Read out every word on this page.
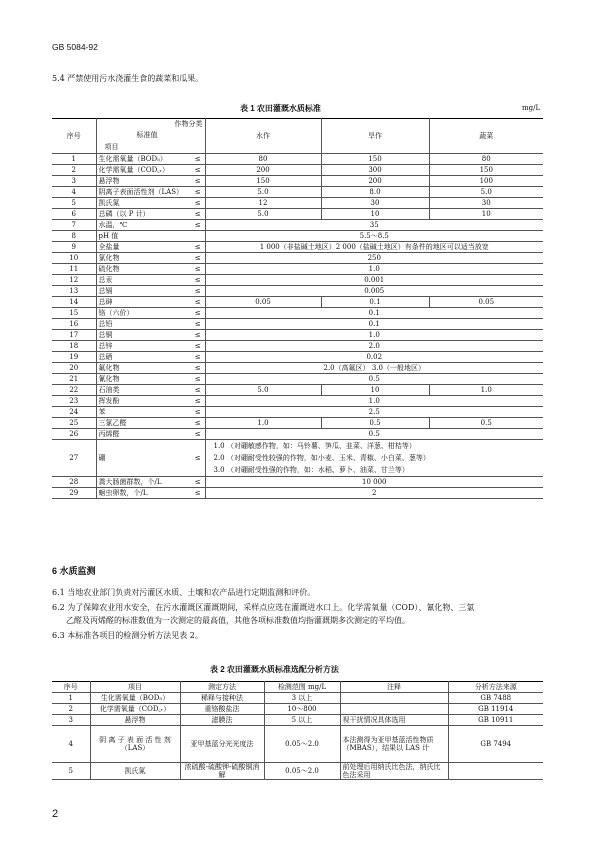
GB 5084-92
5.4 严禁使用污水浇灌生食的蔬菜和瓜果。
表 1 农田灌溉水质标准	mg/L
序号	作物分类
标准值
项目		水作	旱作	蔬菜

1	生化需氧量（BOD₅）	≤	80	150	80
2	化学需氧量（COD꜀ᵣ）	≤	200	300	150
3	悬浮物	≤	150	200	100
4	阴离子表面活性剂（LAS）	≤	5.0	8.0	5.0
5	凯氏氮	≤	12	30	30
6	总磷（以 P 计）	≤	5.0	10	10
7	水温，℃	≤	35		
8	pH 值		5.5～8.5		
9	全盐量	≤	1 000（非盐碱土地区）2 000（盐碱土地区）有条件的地区可以适当放宽		
10	氯化物	≤	250		
11	硫化物	≤	1.0		
12	总汞	≤	0.001		
13	总镉	≤	0.005		
14	总砷	≤	0.05	0.1	0.05
15	铬（六价）	≤	0.1		
16	总铅	≤	0.1		
17	总铜	≤	1.0		
18	总锌	≤	2.0		
19	总硒	≤	0.02		
20	氟化物	≤	2.0（高氟区） 3.0（一般地区）		
21	氰化物	≤	0.5		
22	石油类	≤	5.0	10	1.0
23	挥发酚	≤	1.0		
24	苯	≤	2.5		
25	三氯乙醛	≤	1.0	0.5	0.5
26	丙烯醛	≤	0.5		
27	硼	≤	1.0 （对硼敏感作物，如：马铃薯、笋瓜、韭菜、洋葱、柑桔等）
2.0 （对硼耐受性较强的作物，如小麦、玉米、青椒、小白菜、葱等）
3.0 （对硼耐受性强的作物，如：水稻、萝卜、油菜、甘兰等）		

28	粪大肠菌群数，个/L	≤	10 000		
29	蛔虫卵数，个/L	≤	2		
6 水质监测
6.1 当地农业部门负责对污灌区水质、土壤和农产品进行定期监测和评价。
6.2 为了保障农业用水安全，在污水灌溉区灌溉期间，采样点应选在灌溉进水口上。化学需氧量（COD）、氰化物、三氯
乙醛及丙烯醛的标准数值为一次测定的最高值，其他各项标准数值均指灌溉期多次测定的平均值。
6.3 本标准各项目的检测分析方法见表 2。
表 2 农田灌溉水质标准选配分析方法
序号	项目	测定方法	检测范围 mg/L	注释	分析方法来源
1	生化需氧量（BOD₅）	稀释与接种法	3 以上		GB 7488
2	化学需氧量（COD꜀ᵣ）	重铬酸盐法	10～800		GB 11914
3	悬浮物	滤膜法	5 以上	视干扰情况具体选用	GB 10911
4	阴 离 子 表 面 活 性 剂（LAS）	亚甲基蓝分光光度法	0.05～2.0	本法测得为亚甲基蓝活性物质（MBAS），结果以 LAS 计	GB 7494
5	凯氏氮	浓硫酸-硫酸钾-硫酸铜消解	0.05～2.0	前处理后用纳氏比色法，纳氏比色法采用	
2
